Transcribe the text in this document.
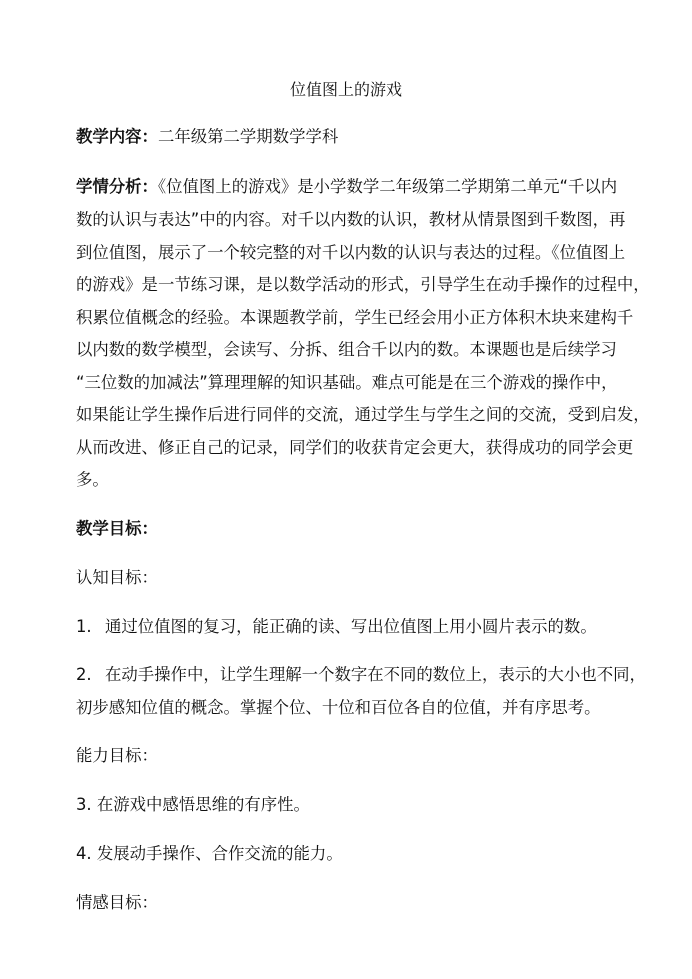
位值图上的游戏
教学内容：二年级第二学期数学学科
学情分析：《位值图上的游戏》是小学数学二年级第二学期第二单元“千以内
数的认识与表达”中的内容。对千以内数的认识，教材从情景图到千数图，再
到位值图，展示了一个较完整的对千以内数的认识与表达的过程。《位值图上
的游戏》是一节练习课，是以数学活动的形式，引导学生在动手操作的过程中，
积累位值概念的经验。本课题教学前，学生已经会用小正方体积木块来建构千
以内数的数学模型，会读写、分拆、组合千以内的数。本课题也是后续学习
“三位数的加减法”算理理解的知识基础。难点可能是在三个游戏的操作中，
如果能让学生操作后进行同伴的交流，通过学生与学生之间的交流，受到启发，
从而改进、修正自己的记录，同学们的收获肯定会更大，获得成功的同学会更
多。
教学目标：
认知目标：
1. 通过位值图的复习，能正确的读、写出位值图上用小圆片表示的数。
2. 在动手操作中，让学生理解一个数字在不同的数位上，表示的大小也不同，
初步感知位值的概念。掌握个位、十位和百位各自的位值，并有序思考。
能力目标：
3. 在游戏中感悟思维的有序性。
4. 发展动手操作、合作交流的能力。
情感目标：
